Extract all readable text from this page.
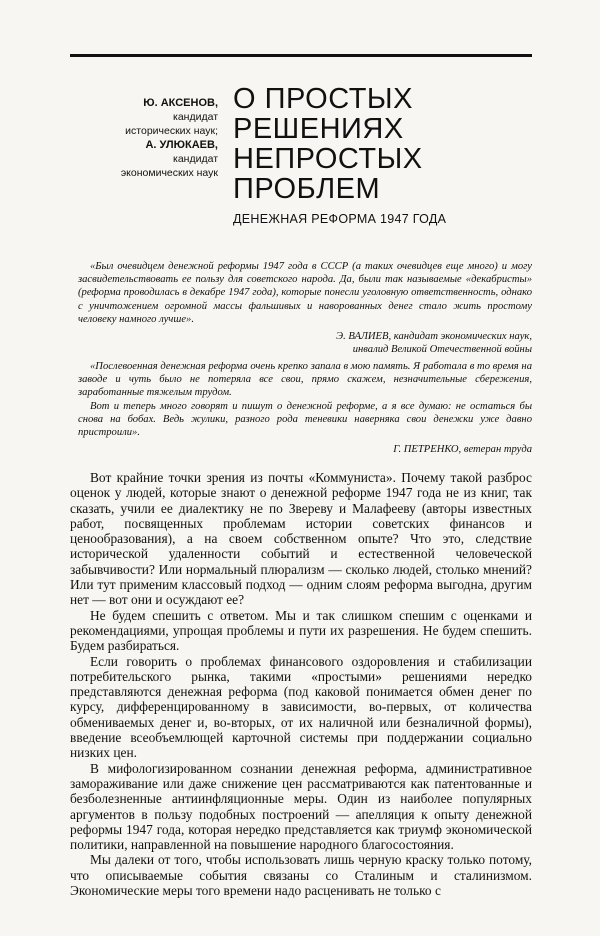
Ю. АКСЕНОВ,
кандидат
исторических наук;
А. УЛЮКАЕВ,
кандидат
экономических наук
О ПРОСТЫХ
РЕШЕНИЯХ
НЕПРОСТЫХ
ПРОБЛЕМ
ДЕНЕЖНАЯ РЕФОРМА 1947 ГОДА

«Был очевидцем денежной реформы 1947 года в СССР (а таких очевидцев еще много) и могу засвидетельствовать ее пользу для советского народа. Да, были так называемые «декабристы» (реформа проводилась в декабре 1947 года), которые понесли уголовную ответственность, однако с уничтожением огромной массы фальшивых и наворованных денег стало жить простому человеку намного лучше».

Э. ВАЛИЕВ, кандидат экономических наук,

инвалид Великой Отечественной войны

«Послевоенная денежная реформа очень крепко запала в мою память. Я работала в то время на заводе и чуть было не потеряла все свои, прямо скажем, незначительные сбережения, заработанные тяжелым трудом.

Вот и теперь много говорят и пишут о денежной реформе, а я все думаю: не остаться бы снова на бобах. Ведь жулики, разного рода теневики наверняка свои денежки уже давно пристроили».

Г. ПЕТРЕНКО, ветеран труда

Вот крайние точки зрения из почты «Коммуниста». Почему такой разброс оценок у людей, которые знают о денежной реформе 1947 года не из книг, так сказать, учили ее диалектику не по Звереву и Малафееву (авторы известных работ, посвященных проблемам истории советских финансов и ценообразования), а на своем собственном опыте? Что это, следствие исторической удаленности событий и естественной человеческой забывчивости? Или нормальный плюрализм — сколько людей, столько мнений? Или тут применим классовый подход — одним слоям реформа выгодна, другим нет — вот они и осуждают ее?

Не будем спешить с ответом. Мы и так слишком спешим с оценками и рекомендациями, упрощая проблемы и пути их разрешения. Не будем спешить. Будем разбираться.

Если говорить о проблемах финансового оздоровления и стабилизации потребительского рынка, такими «простыми» решениями нередко представляются денежная реформа (под каковой понимается обмен денег по курсу, дифференцированному в зависимости, во-первых, от количества обмениваемых денег и, во-вторых, от их наличной или безналичной формы), введение всеобъемлющей карточной системы при поддержании социально низких цен.

В мифологизированном сознании денежная реформа, административное замораживание или даже снижение цен рассматриваются как патентованные и безболезненные антиинфляционные меры. Один из наиболее популярных аргументов в пользу подобных построений — апелляция к опыту денежной реформы 1947 года, которая нередко представляется как триумф экономической политики, направленной на повышение народного благосостояния.

Мы далеки от того, чтобы использовать лишь черную краску только потому, что описываемые события связаны со Сталиным и сталинизмом. Экономические меры того времени надо расценивать не только с
